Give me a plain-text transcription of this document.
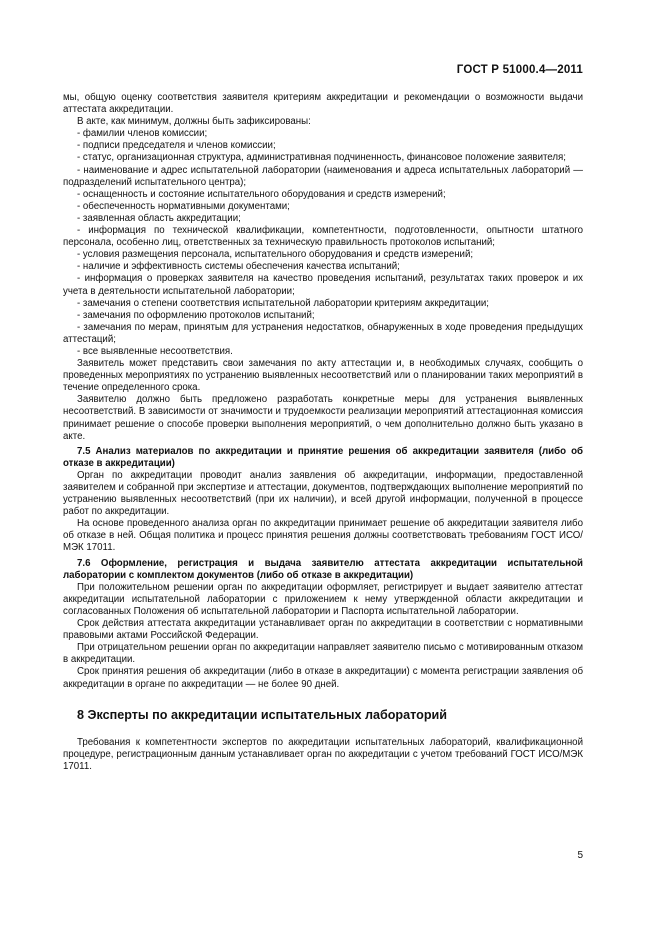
ГОСТ Р 51000.4—2011

мы, общую оценку соответствия заявителя критериям аккредитации и рекомендации о возможности выдачи аттестата аккредитации.

В акте, как минимум, должны быть зафиксированы:

- фамилии членов комиссии;

- подписи председателя и членов комиссии;

- статус, организационная структура, административная подчиненность, финансовое положение заявителя;

- наименование и адрес испытательной лаборатории (наименования и адреса испытательных лабораторий — подразделений испытательного центра);

- оснащенность и состояние испытательного оборудования и средств измерений;

- обеспеченность нормативными документами;

- заявленная область аккредитации;

- информация по технической квалификации, компетентности, подготовленности, опытности штатного персонала, особенно лиц, ответственных за техническую правильность протоколов испытаний;

- условия размещения персонала, испытательного оборудования и средств измерений;

- наличие и эффективность системы обеспечения качества испытаний;

- информация о проверках заявителя на качество проведения испытаний, результатах таких проверок и их учета в деятельности испытательной лаборатории;

- замечания о степени соответствия испытательной лаборатории критериям аккредитации;

- замечания по оформлению протоколов испытаний;

- замечания по мерам, принятым для устранения недостатков, обнаруженных в ходе проведения предыдущих аттестаций;

- все выявленные несоответствия.

Заявитель может представить свои замечания по акту аттестации и, в необходимых случаях, сообщить о проведенных мероприятиях по устранению выявленных несоответствий или о планировании таких мероприятий в течение определенного срока.

Заявителю должно быть предложено разработать конкретные меры для устранения выявленных несоответствий. В зависимости от значимости и трудоемкости реализации мероприятий аттестационная комиссия принимает решение о способе проверки выполнения мероприятий, о чем дополнительно должно быть указано в акте.

7.5 Анализ материалов по аккредитации и принятие решения об аккредитации заявителя (либо об отказе в аккредитации)

Орган по аккредитации проводит анализ заявления об аккредитации, информации, предоставленной заявителем и собранной при экспертизе и аттестации, документов, подтверждающих выполнение мероприятий по устранению выявленных несоответствий (при их наличии), и всей другой информации, полученной в процессе работ по аккредитации.

На основе проведенного анализа орган по аккредитации принимает решение об аккредитации заявителя либо об отказе в ней. Общая политика и процесс принятия решения должны соответствовать требованиям ГОСТ ИСО/МЭК 17011.

7.6 Оформление, регистрация и выдача заявителю аттестата аккредитации испытательной лаборатории с комплектом документов (либо об отказе в аккредитации)

При положительном решении орган по аккредитации оформляет, регистрирует и выдает заявителю аттестат аккредитации испытательной лаборатории с приложением к нему утвержденной области аккредитации и согласованных Положения об испытательной лаборатории и Паспорта испытательной лаборатории.

Срок действия аттестата аккредитации устанавливает орган по аккредитации в соответствии с нормативными правовыми актами Российской Федерации.

При отрицательном решении орган по аккредитации направляет заявителю письмо с мотивированным отказом в аккредитации.

Срок принятия решения об аккредитации (либо в отказе в аккредитации) с момента регистрации заявления об аккредитации в органе по аккредитации — не более 90 дней.

8 Эксперты по аккредитации испытательных лабораторий

Требования к компетентности экспертов по аккредитации испытательных лабораторий, квалификационной процедуре, регистрационным данным устанавливает орган по аккредитации с учетом требований ГОСТ ИСО/МЭК 17011.

5
